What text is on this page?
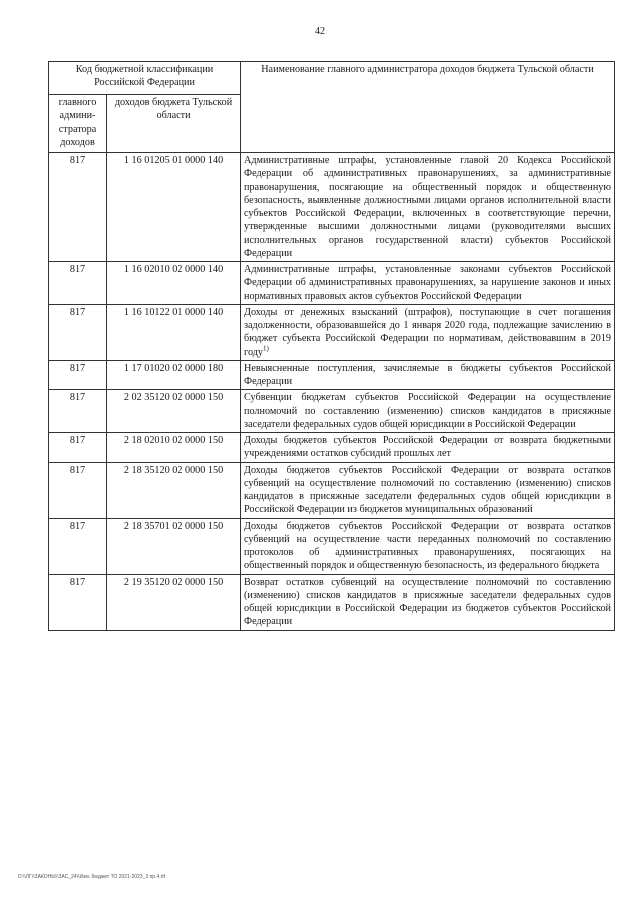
42
Код бюджетной классификации Российской Федерации		Наименование главного администратора доходов бюджета Тульской области
главного админи-стратора доходов	доходов бюджета Тульской области	
817	1 16 01205 01 0000 140	Административные штрафы, установленные главой 20 Кодекса Российской Федерации об административных правонарушениях, за административные правонарушения, посягающие на общественный порядок и общественную безопасность, выявленные должностными лицами органов исполнительной власти субъектов Российской Федерации, включенных в соответствующие перечни, утвержденные высшими должностными лицами (руководителями высших исполнительных органов государственной власти) субъектов Российской Федерации
817	1 16 02010 02 0000 140	Административные штрафы, установленные законами субъектов Российской Федерации об административных правонарушениях, за нарушение законов и иных нормативных правовых актов субъектов Российской Федерации
817	1 16 10122 01 0000 140	Доходы от денежных взысканий (штрафов), поступающие в счет погашения задолженности, образовавшейся до 1 января 2020 года, подлежащие зачислению в бюджет субъекта Российской Федерации по нормативам, действовавшим в 2019 году$^{1)}$
817	1 17 01020 02 0000 180	Невыясненные поступления, зачисляемые в бюджеты субъектов Российской Федерации
817	2 02 35120 02 0000 150	Субвенции бюджетам субъектов Российской Федерации на осуществление полномочий по составлению (изменению) списков кандидатов в присяжные заседатели федеральных судов общей юрисдикции в Российской Федерации
817	2 18 02010 02 0000 150	Доходы бюджетов субъектов Российской Федерации от возврата бюджетными учреждениями остатков субсидий прошлых лет
817	2 18 35120 02 0000 150	Доходы бюджетов субъектов Российской Федерации от возврата остатков субвенций на осуществление полномочий по составлению (изменению) списков кандидатов в присяжные заседатели федеральных судов общей юрисдикции в Российской Федерации из бюджетов муниципальных образований
817	2 18 35701 02 0000 150	Доходы бюджетов субъектов Российской Федерации от возврата остатков субвенций на осуществление части переданных полномочий по составлению протоколов об административных правонарушениях, посягающих на общественный порядок и общественную безопасность, из федерального бюджета
817	2 19 35120 02 0000 150	Возврат остатков субвенций на осуществление полномочий по составлению (изменению) списков кандидатов в присяжные заседатели федеральных судов общей юрисдикции в Российской Федерации из бюджетов субъектов Российской Федерации
D:\\ЛГ\\ЗАКОНЫ\\ЗАС_24\\Изм. бюджет ТО 2021-2023_3 пр.4.rtf
